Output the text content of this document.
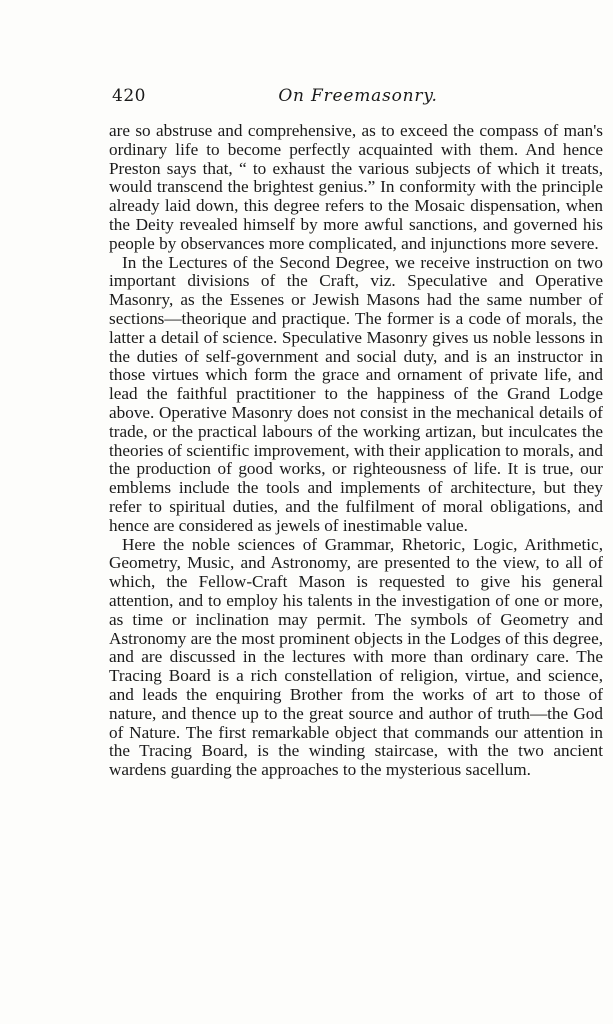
420	On Freemasonry.

are so abstruse and comprehensive, as to exceed the compass of man's ordinary life to become perfectly acquainted with them. And hence Preston says that, “ to exhaust the various subjects of which it treats, would transcend the brightest genius.” In conformity with the principle already laid down, this degree refers to the Mosaic dispensation, when the Deity revealed himself by more awful sanctions, and governed his people by observances more complicated, and injunctions more severe.

In the Lectures of the Second Degree, we receive instruction on two important divisions of the Craft, viz. Speculative and Operative Masonry, as the Essenes or Jewish Masons had the same number of sections—theorique and practique. The former is a code of morals, the latter a detail of science. Speculative Masonry gives us noble lessons in the duties of self-government and social duty, and is an instructor in those virtues which form the grace and ornament of private life, and lead the faithful practitioner to the happiness of the Grand Lodge above. Operative Masonry does not consist in the mechanical details of trade, or the practical labours of the working artizan, but inculcates the theories of scientific improvement, with their application to morals, and the production of good works, or righteousness of life. It is true, our emblems include the tools and implements of architecture, but they refer to spiritual duties, and the fulfilment of moral obligations, and hence are considered as jewels of inestimable value.

Here the noble sciences of Grammar, Rhetoric, Logic, Arithmetic, Geometry, Music, and Astronomy, are presented to the view, to all of which, the Fellow-Craft Mason is requested to give his general attention, and to employ his talents in the investigation of one or more, as time or inclination may permit. The symbols of Geometry and Astronomy are the most prominent objects in the Lodges of this degree, and are discussed in the lectures with more than ordinary care. The Tracing Board is a rich constellation of religion, virtue, and science, and leads the enquiring Brother from the works of art to those of nature, and thence up to the great source and author of truth—the God of Nature. The first remarkable object that commands our attention in the Tracing Board, is the winding staircase, with the two ancient wardens guarding the approaches to the mysterious sacellum.
